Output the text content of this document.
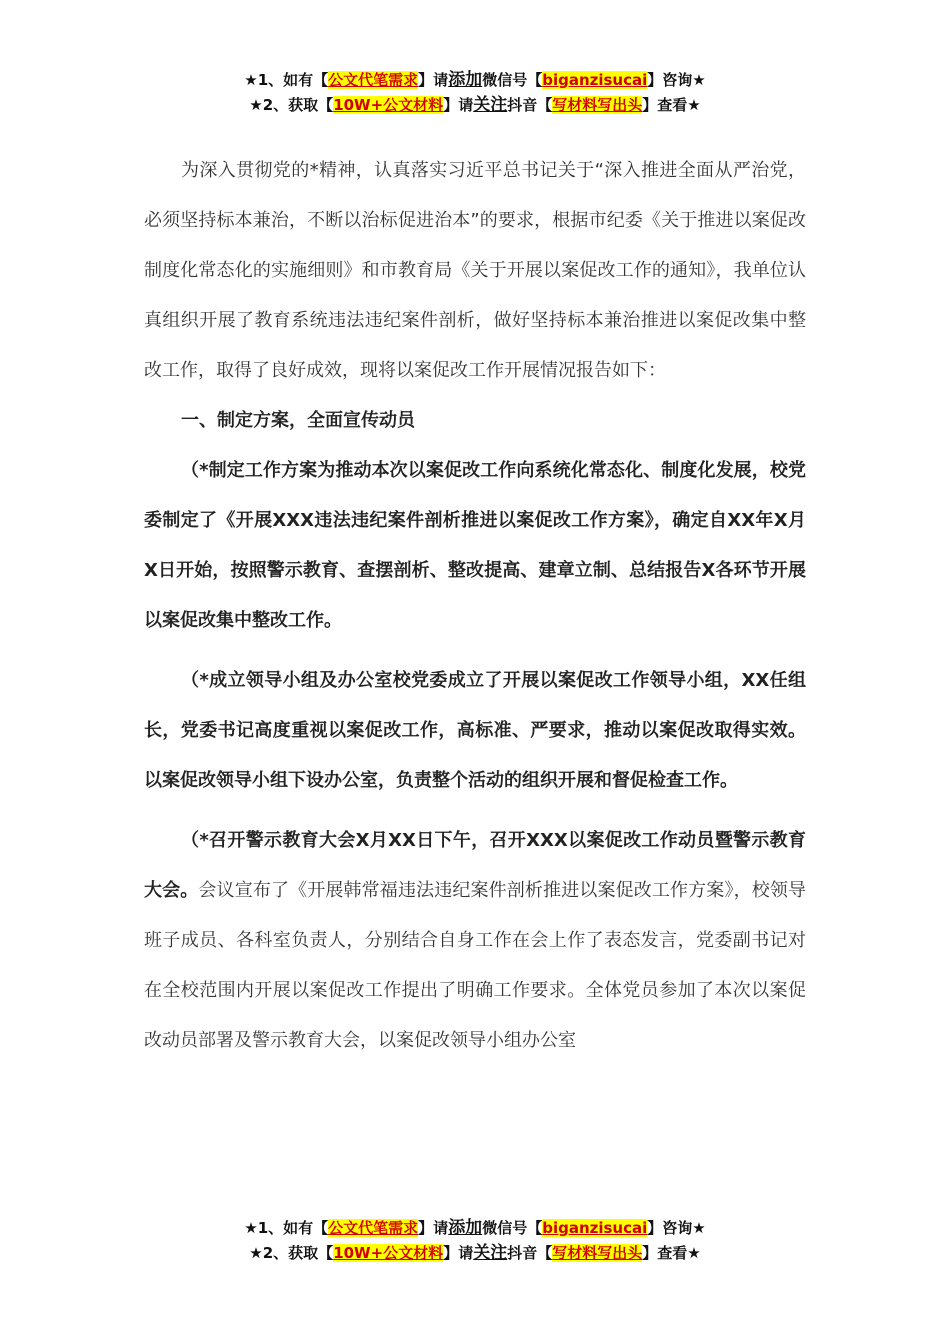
★1、如有【公文代笔需求】请添加微信号【biganzisucai】咨询★
★2、获取【10W+公文材料】请关注抖音【写材料写出头】查看★

为深入贯彻党的*精神，认真落实习近平总书记关于“深入推进全面从严治党，必须坚持标本兼治，不断以治标促进治本”的要求，根据市纪委《关于推进以案促改制度化常态化的实施细则》和市教育局《关于开展以案促改工作的通知》，我单位认真组织开展了教育系统违法违纪案件剖析，做好坚持标本兼治推进以案促改集中整改工作，取得了良好成效，现将以案促改工作开展情况报告如下：

一、制定方案，全面宣传动员

（*制定工作方案为推动本次以案促改工作向系统化常态化、制度化发展，校党委制定了《开展XXX违法违纪案件剖析推进以案促改工作方案》，确定自XX年X月X日开始，按照警示教育、查摆剖析、整改提高、建章立制、总结报告X各环节开展以案促改集中整改工作。

（*成立领导小组及办公室校党委成立了开展以案促改工作领导小组，XX任组长，党委书记高度重视以案促改工作，高标准、严要求，推动以案促改取得实效。以案促改领导小组下设办公室，负责整个活动的组织开展和督促检查工作。

（*召开警示教育大会X月XX日下午，召开XXX以案促改工作动员暨警示教育大会。会议宣布了《开展韩常福违法违纪案件剖析推进以案促改工作方案》，校领导班子成员、各科室负责人，分别结合自身工作在会上作了表态发言，党委副书记对在全校范围内开展以案促改工作提出了明确工作要求。全体党员参加了本次以案促改动员部署及警示教育大会，以案促改领导小组办公室

★1、如有【公文代笔需求】请添加微信号【biganzisucai】咨询★
★2、获取【10W+公文材料】请关注抖音【写材料写出头】查看★
